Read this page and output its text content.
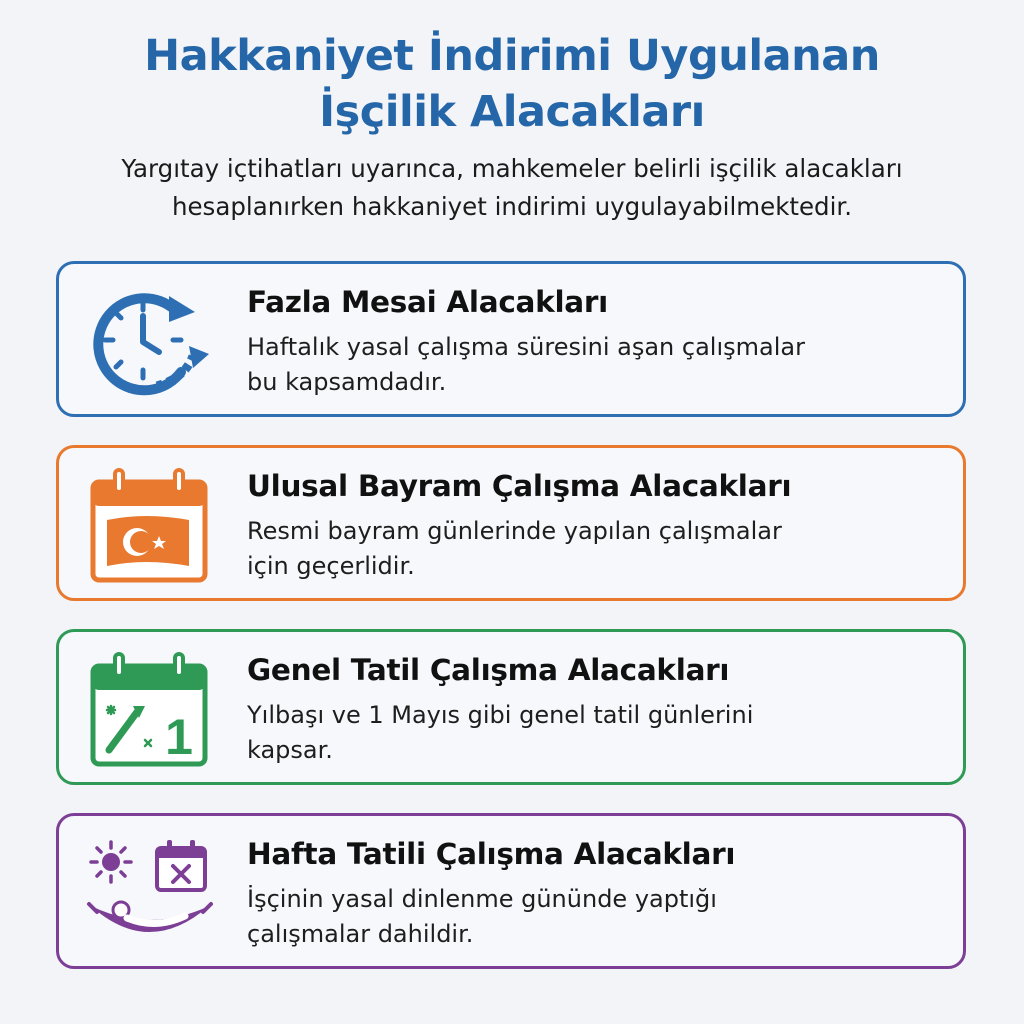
Hakkaniyet İndirimi Uygulanan
İşçilik Alacakları
Yargıtay içtihatları uyarınca, mahkemeler belirli işçilik alacakları
hesaplanırken hakkaniyet indirimi uygulayabilmektedir.
Fazla Mesai Alacakları
Haftalık yasal çalışma süresini aşan çalışmalar
bu kapsamdadır.
Ulusal Bayram Çalışma Alacakları
Resmi bayram günlerinde yapılan çalışmalar
için geçerlidir.
1
Genel Tatil Çalışma Alacakları
Yılbaşı ve 1 Mayıs gibi genel tatil günlerini
kapsar.
Hafta Tatili Çalışma Alacakları
İşçinin yasal dinlenme gününde yaptığı
çalışmalar dahildir.
